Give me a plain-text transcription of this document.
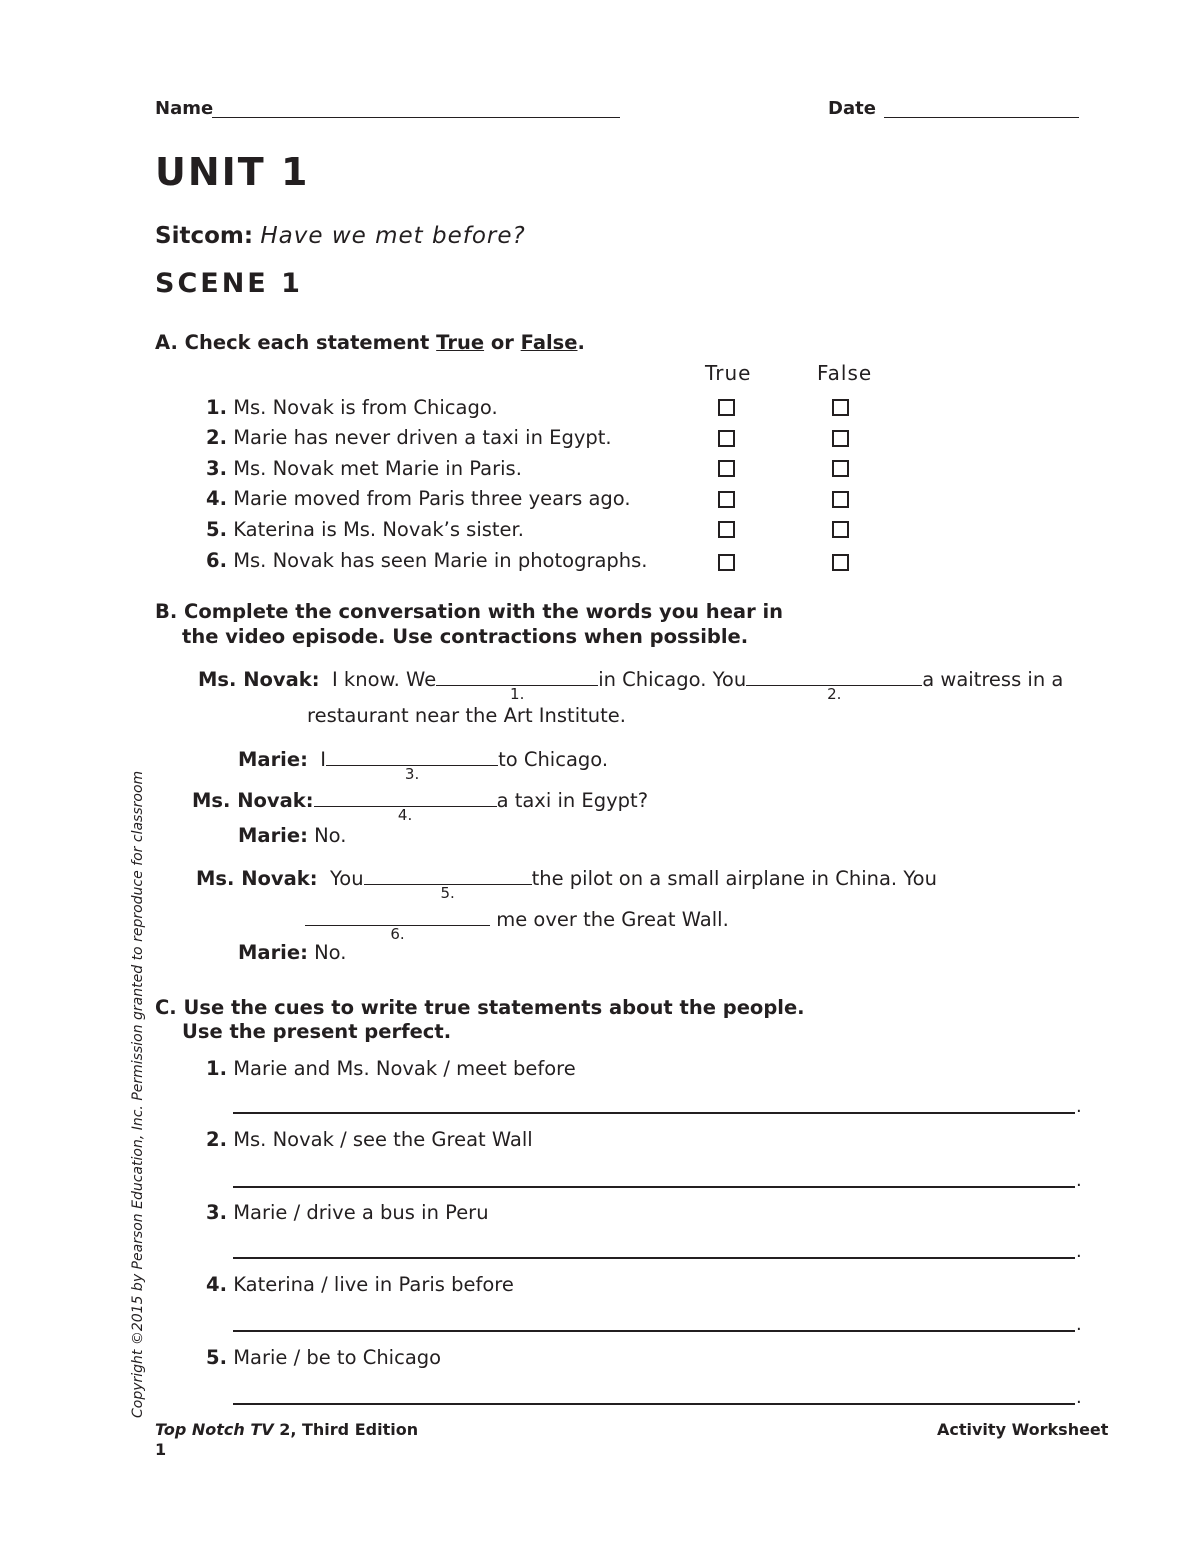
Name	Date
UNIT 1
Sitcom: Have we met before?
SCENE 1
A. Check each statement True or False.
True	False
1. Ms. Novak is from Chicago.
2. Marie has never driven a taxi in Egypt.
3. Ms. Novak met Marie in Paris.
4. Marie moved from Paris three years ago.
5. Katerina is Ms. Novak’s sister.
6. Ms. Novak has seen Marie in photographs.
B. Complete the conversation with the words you hear in
the video episode. Use contractions when possible.
Ms. Novak: I know. We
1.
in Chicago. You
2.
a waitress in a
restaurant near the Art Institute.
Marie: I
3.
to Chicago.
Ms. Novak:
4.
a taxi in Egypt?
Marie: No.
Ms. Novak: You
5.
the pilot on a small airplane in China. You
6.
me over the Great Wall.
Marie: No.
C. Use the cues to write true statements about the people.
Use the present perfect.
1. Marie and Ms. Novak / meet before
.
2. Ms. Novak / see the Great Wall
.
3. Marie / drive a bus in Peru
.
4. Katerina / live in Paris before
.
5. Marie / be to Chicago
.
Copyright ©2015 by Pearson Education, Inc. Permission granted to reproduce for classroom
Top Notch TV 2, Third Edition	Activity Worksheet
1
